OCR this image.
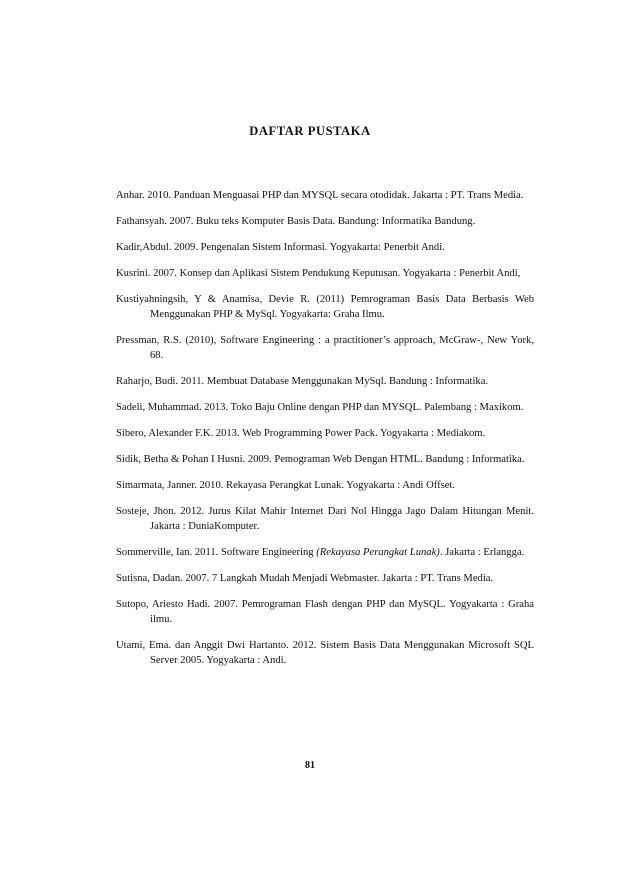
DAFTAR PUSTAKA
Anhar. 2010. Panduan Menguasai PHP dan MYSQL secara otodidak. Jakarta : PT. Trans Media.
Fathansyah. 2007. Buku teks Komputer Basis Data. Bandung: Informatika Bandung.
Kadir,Abdul. 2009. Pengenalan Sistem Informasi. Yogyakarta: Penerbit Andi.
Kusrini. 2007. Konsep dan Aplikasi Sistem Pendukung Keputusan. Yogyakarta : Penerbit Andi,
Kustiyahningsih, Y & Anamisa, Devie R. (2011) Pemrograman Basis Data Berbasis Web Menggunakan PHP & MySql. Yogyakarta: Graha Ilmu.
Pressman, R.S. (2010), Software Engineering : a practitioner’s approach, McGraw-, New York, 68.
Raharjo, Budi. 2011. Membuat Database Menggunakan MySql. Bandung : Informatika.
Sadeli, Muhammad. 2013. Toko Baju Online dengan PHP dan MYSQL. Palembang : Maxikom.
Sibero, Alexander F.K. 2013. Web Programming Power Pack. Yogyakarta : Mediakom.
Sidik, Betha & Pohan I Husni. 2009. Pemograman Web Dengan HTML. Bandung : Informatika.
Simarmata, Janner. 2010. Rekayasa Perangkat Lunak. Yogyakarta : Andi Offset.
Sosteje, Jhon. 2012. Jurus Kilat Mahir Internet Dari Nol Hingga Jago Dalam Hitungan Menit. Jakarta : DuniaKomputer.
Sommerville, Ian. 2011. Software Engineering (Rekayasa Perangkat Lunak). Jakarta : Erlangga.
Sutisna, Dadan. 2007. 7 Langkah Mudah Menjadi Webmaster. Jakarta : PT. Trans Media.
Sutopo, Ariesto Hadi. 2007. Pemrograman Flash dengan PHP dan MySQL. Yogyakarta : Graha ilmu.
Utami, Ema. dan Anggit Dwi Hartanto. 2012. Sistem Basis Data Menggunakan Microsoft SQL Server 2005. Yogyakarta : Andi.
81
